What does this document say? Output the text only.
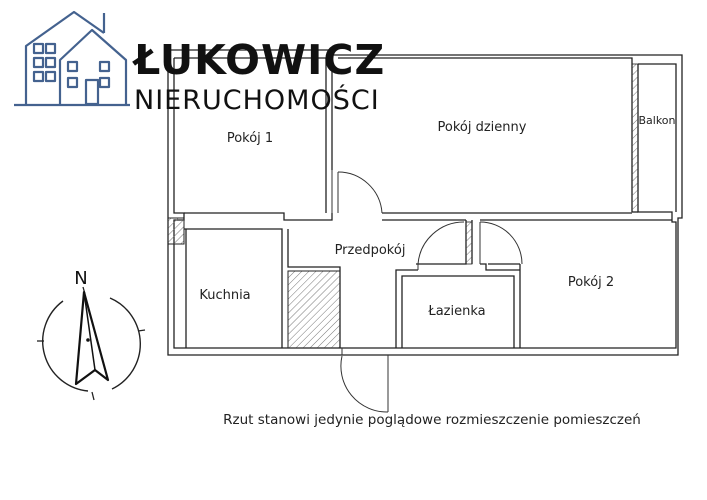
Pokój 1
Pokój dzienny	Balkon
Przedpokój
Kuchnia
Łazienka
Pokój 2
ŁUKOWICZ
NIERUCHOMOŚCI
N
Rzut stanowi jedynie poglądowe rozmieszczenie pomieszczeń
